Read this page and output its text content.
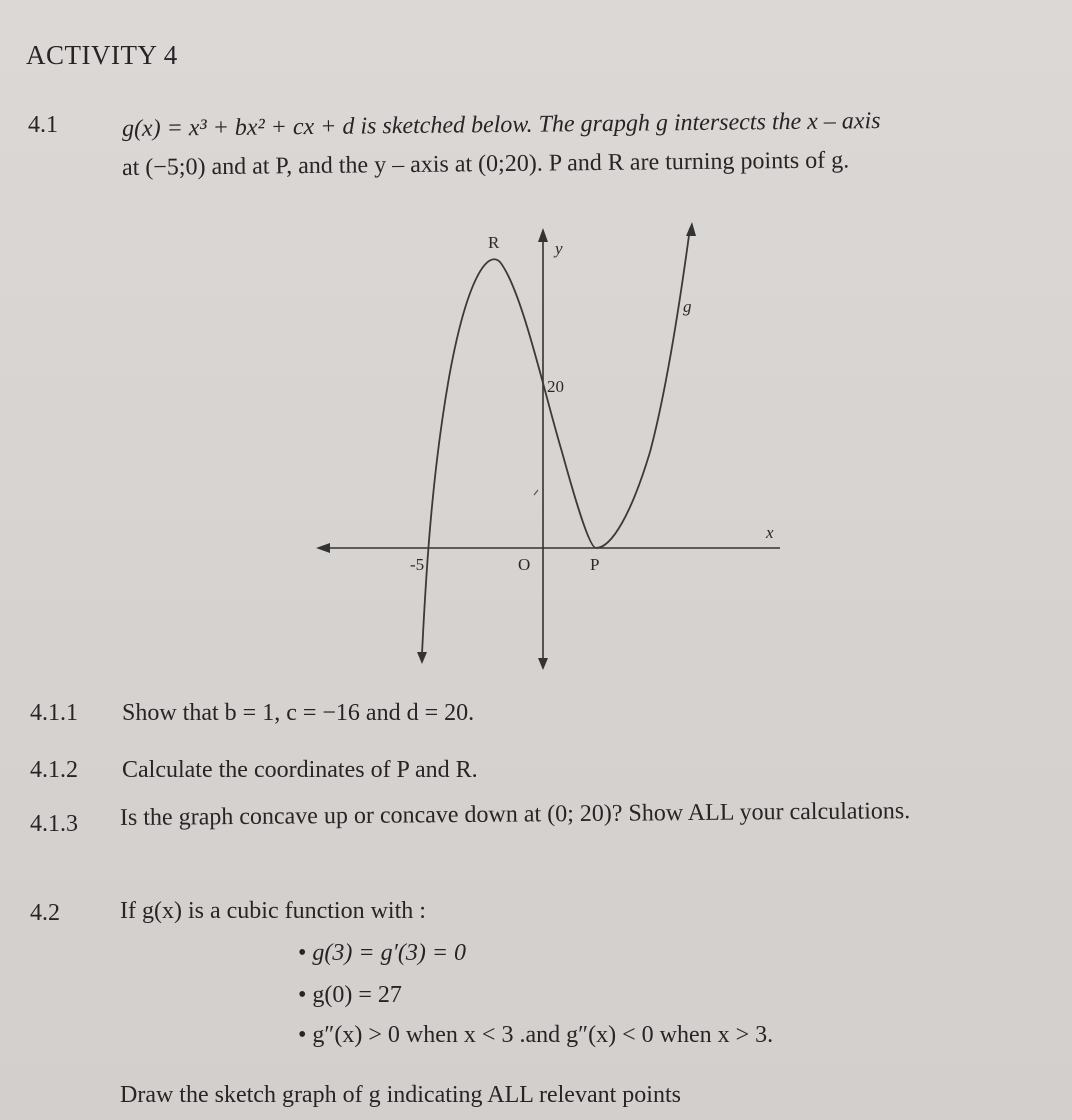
ACTIVITY 4
4.1	g(x) = x³ + bx² + cx + d is sketched below. The grapgh g intersects the x – axis
at (−5;0) and at P, and the y – axis at (0;20). P and R are turning points of g.
R	y
g
20
x
-5	O	P
4.1.1 Show that b = 1, c = −16 and d = 20.
4.1.2 Calculate the coordinates of P and R.
4.1.3 Is the graph concave up or concave down at (0; 20)? Show ALL your calculations.
4.2	If g(x) is a cubic function with :
• g(3) = g′(3) = 0
• g(0) = 27
• g″(x) > 0 when x < 3 .and g″(x) < 0 when x > 3.
Draw the sketch graph of g indicating ALL relevant points
